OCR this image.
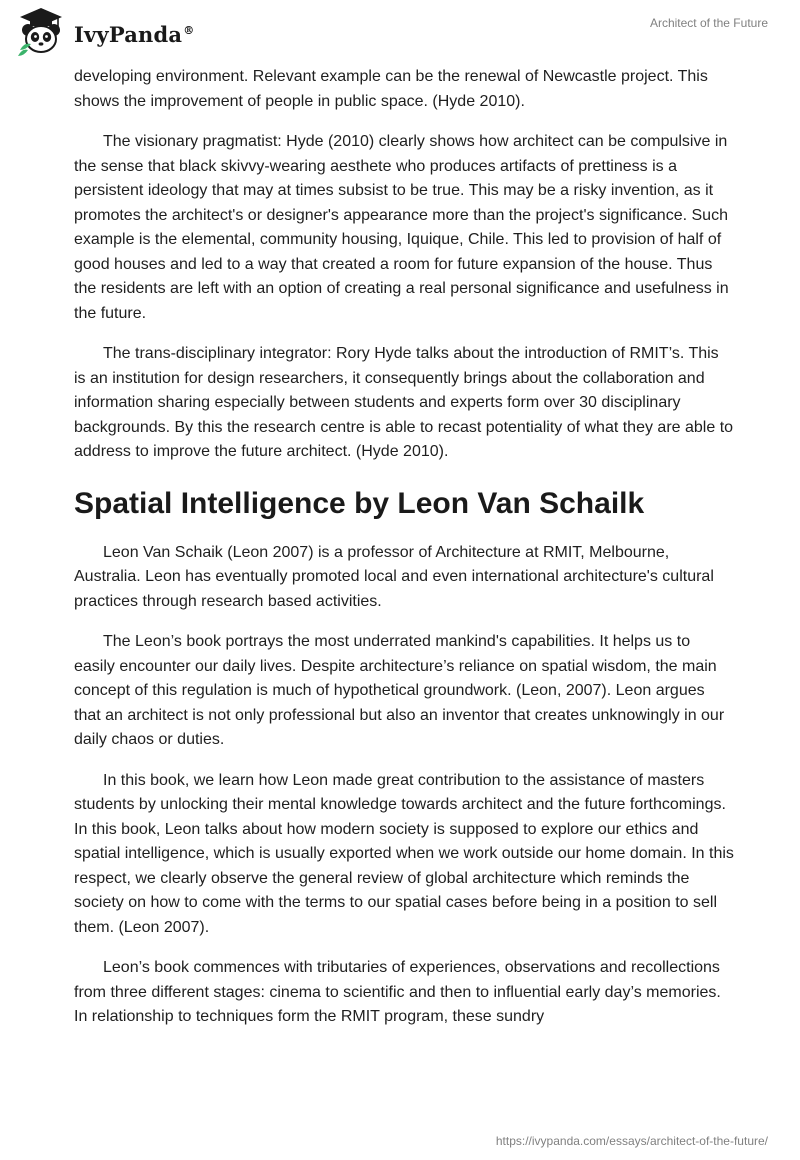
IvyPanda®	Architect of the Future

developing environment. Relevant example can be the renewal of Newcastle project. This shows the improvement of people in public space. (Hyde 2010).

The visionary pragmatist: Hyde (2010) clearly shows how architect can be compulsive in the sense that black skivvy-wearing aesthete who produces artifacts of prettiness is a persistent ideology that may at times subsist to be true. This may be a risky invention, as it promotes the architect's or designer's appearance more than the project's significance. Such example is the elemental, community housing, Iquique, Chile. This led to provision of half of good houses and led to a way that created a room for future expansion of the house. Thus the residents are left with an option of creating a real personal significance and usefulness in the future.

The trans-disciplinary integrator: Rory Hyde talks about the introduction of RMIT’s. This is an institution for design researchers, it consequently brings about the collaboration and information sharing especially between students and experts form over 30 disciplinary backgrounds. By this the research centre is able to recast potentiality of what they are able to address to improve the future architect. (Hyde 2010).

Spatial Intelligence by Leon Van Schailk

Leon Van Schaik (Leon 2007) is a professor of Architecture at RMIT, Melbourne, Australia. Leon has eventually promoted local and even international architecture's cultural practices through research based activities.

The Leon’s book portrays the most underrated mankind's capabilities. It helps us to easily encounter our daily lives. Despite architecture’s reliance on spatial wisdom, the main concept of this regulation is much of hypothetical groundwork. (Leon, 2007). Leon argues that an architect is not only professional but also an inventor that creates unknowingly in our daily chaos or duties.

In this book, we learn how Leon made great contribution to the assistance of masters students by unlocking their mental knowledge towards architect and the future forthcomings. In this book, Leon talks about how modern society is supposed to explore our ethics and spatial intelligence, which is usually exported when we work outside our home domain. In this respect, we clearly observe the general review of global architecture which reminds the society on how to come with the terms to our spatial cases before being in a position to sell them. (Leon 2007).

Leon’s book commences with tributaries of experiences, observations and recollections from three different stages: cinema to scientific and then to influential early day’s memories. In relationship to techniques form the RMIT program, these sundry

https://ivypanda.com/essays/architect-of-the-future/
